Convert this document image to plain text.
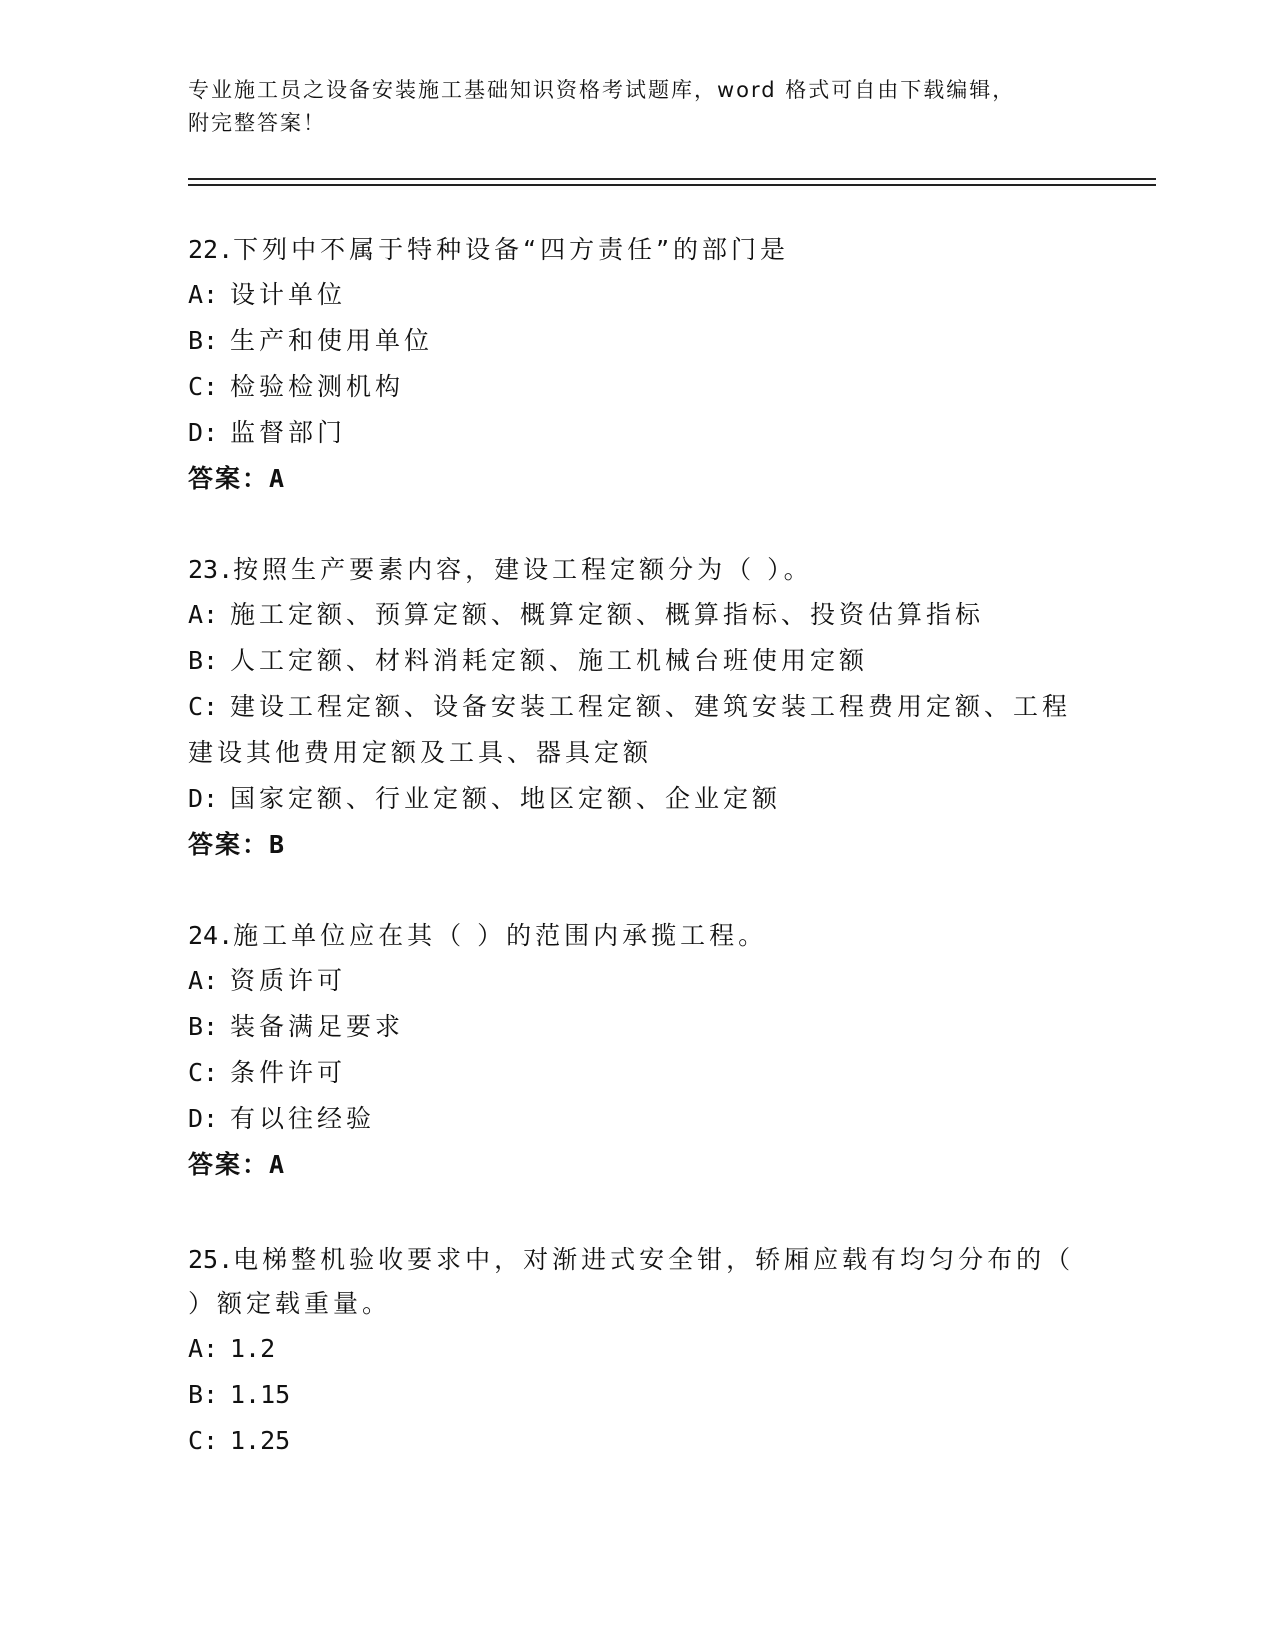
专业施工员之设备安装施工基础知识资格考试题库，word 格式可自由下载编辑，
附完整答案！
22.下列中不属于特种设备“四方责任”的部门是
A: 设计单位
B: 生产和使用单位
C: 检验检测机构
D: 监督部门
答案：A
23.按照生产要素内容，建设工程定额分为（ ）。
A: 施工定额、预算定额、概算定额、概算指标、投资估算指标
B: 人工定额、材料消耗定额、施工机械台班使用定额
C: 建设工程定额、设备安装工程定额、建筑安装工程费用定额、工程
建设其他费用定额及工具、器具定额
D: 国家定额、行业定额、地区定额、企业定额
答案：B
24.施工单位应在其（ ）的范围内承揽工程。
A: 资质许可
B: 装备满足要求
C: 条件许可
D: 有以往经验
答案：A
25.电梯整机验收要求中，对渐进式安全钳，轿厢应载有均匀分布的（
）额定载重量。
A: 1.2
B: 1.15
C: 1.25
